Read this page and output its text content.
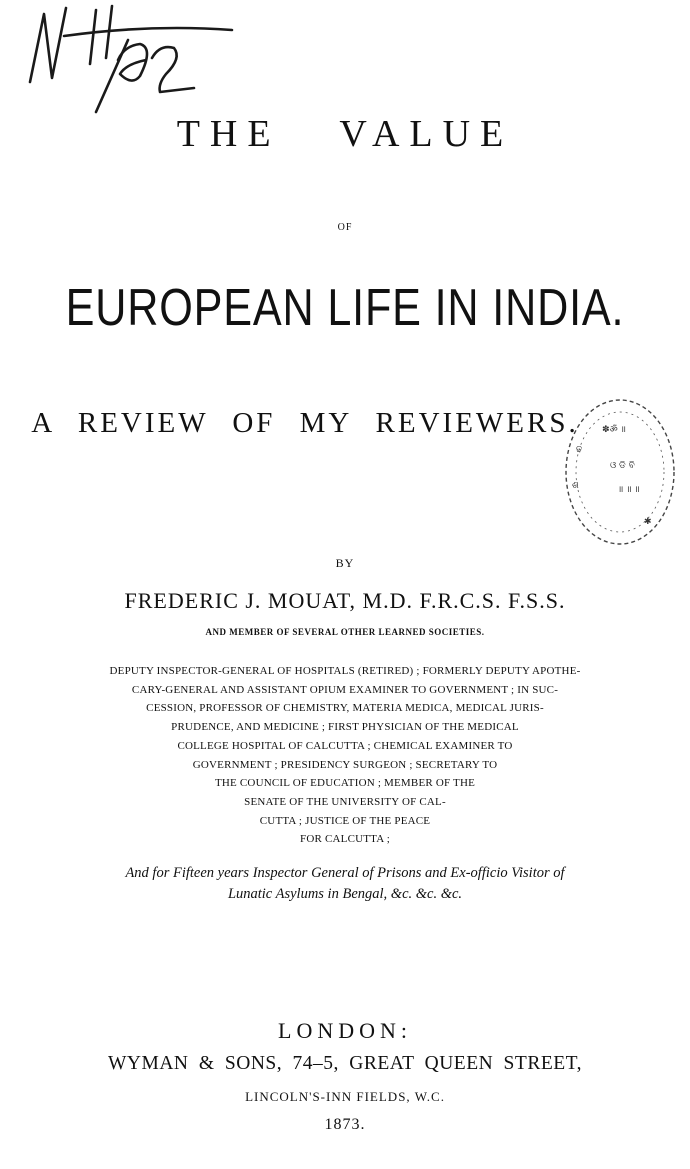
N 11 / 192
THE VALUE
OF
EUROPEAN LIFE IN INDIA.
A REVIEW OF MY REVIEWERS.	✽ॐ ॥
ଓ ଡି ବି
॥ ॥ ॥
✱
ଢ
ଶ
BY
FREDERIC J. MOUAT, M.D. F.R.C.S. F.S.S.
AND MEMBER OF SEVERAL OTHER LEARNED SOCIETIES.
DEPUTY INSPECTOR-GENERAL OF HOSPITALS (RETIRED) ; FORMERLY DEPUTY APOTHE-
CARY-GENERAL AND ASSISTANT OPIUM EXAMINER TO GOVERNMENT ; IN SUC-
CESSION, PROFESSOR OF CHEMISTRY, MATERIA MEDICA, MEDICAL JURIS-
PRUDENCE, AND MEDICINE ; FIRST PHYSICIAN OF THE MEDICAL
COLLEGE HOSPITAL OF CALCUTTA ; CHEMICAL EXAMINER TO
GOVERNMENT ; PRESIDENCY SURGEON ; SECRETARY TO
THE COUNCIL OF EDUCATION ; MEMBER OF THE
SENATE OF THE UNIVERSITY OF CAL-
CUTTA ; JUSTICE OF THE PEACE
FOR CALCUTTA ;
And for Fifteen years Inspector General of Prisons and Ex-officio Visitor of
Lunatic Asylums in Bengal, &c. &c. &c.
LONDON:
WYMAN & SONS, 74–5, GREAT QUEEN STREET,
LINCOLN'S-INN FIELDS, W.C.
1873.
